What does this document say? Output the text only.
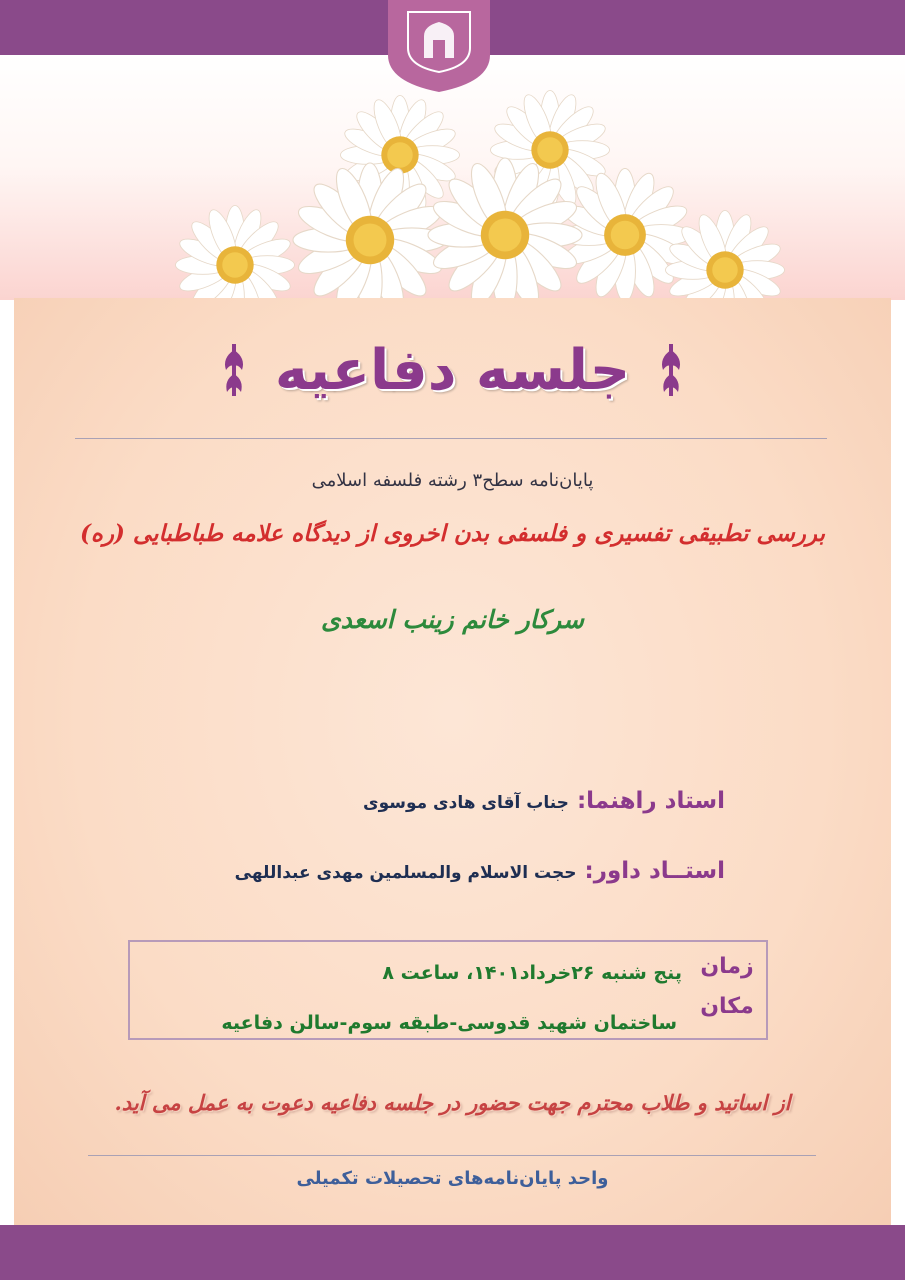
جلسه دفاعیه
پایان‌نامه سطح۳ رشته فلسفه اسلامی
بررسی تطبیقی تفسیری و فلسفی بدن اخروی از دیدگاه علامه طباطبایی (ره)
سرکار خانم زینب اسعدی
استاد راهنما:
جناب آقای هادی موسوی
استــاد داور:
حجت الاسلام والمسلمین مهدی عبداللهی
زمان
مکان
پنج شنبه ۲۶خرداد۱۴۰۱، ساعت ۸
ساختمان شهید قدوسی-طبقه سوم-سالن دفاعیه
از اساتید و طلاب محترم جهت حضور در جلسه دفاعیه دعوت به عمل می آید.
واحد پایان‌نامه‌های تحصیلات تکمیلی
